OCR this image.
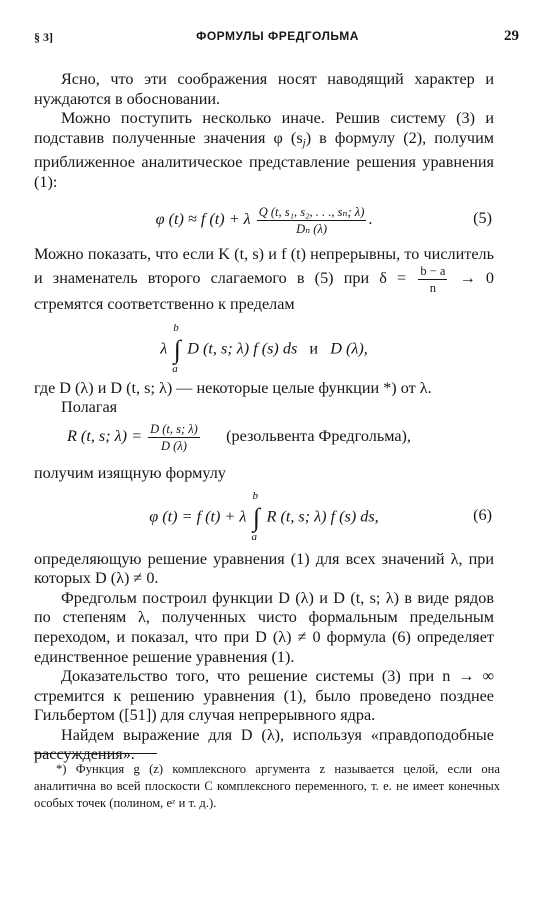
§ 3]	ФОРМУЛЫ ФРЕДГОЛЬМА	29

Ясно, что эти соображения носят наводящий характер и нуждаются в обосновании.

Можно поступить несколько иначе. Решив систему (3) и подставив полученные значения φ $(s_j)$ в формулу (2), получим приближенное аналитическое представление решения уравнения (1):

φ (t) ≈ f (t) + λ $\frac{\text{Q (t, s₁, s₂, . . ., sₙ; λ)}}{\text{Dₙ (λ)}}$ .	(5)

Можно показать, что если K (t, s) и f (t) непрерывны, то числитель и знаменатель второго слагаемого в (5) при $\delta = \frac{b - a}{n} \to 0$ стремятся соответственно к пределам

λ
b
∫
a
D (t, s; λ) f (s) ds и D (λ),

где D (λ) и D (t, s; λ) — некоторые целые функции *) от λ.

Полагая

R (t, s; $\lambda) = \frac{D (t, s; \lambda)}{D (\lambda)}$ (резольвента Фредгольма),

получим изящную формулу

φ (t) = f (t) + λ
b
∫
a
R (t, s; λ) f (s) ds,	(6)

определяющую решение уравнения (1) для всех значений λ, при которых D (λ) ≠ 0.

Фредгольм построил функции D (λ) и D (t, s; λ) в виде рядов по степеням λ, полученных чисто формальным предельным переходом, и показал, что при D (λ) ≠ 0 формула (6) определяет единственное решение уравнения (1).

Доказательство того, что решение системы (3) при n → ∞ стремится к решению уравнения (1), было проведено позднее Гильбертом ([51]) для случая непрерывного ядра.

Найдем выражение для D (λ), используя «правдоподобные рассуждения».

*) Функция g (z) комплексного аргумента z называется целой, если она аналитична во всей плоскости C комплексного переменного, т. е. не имеет конечных особых точек (полином, eᶻ и т. д.).
